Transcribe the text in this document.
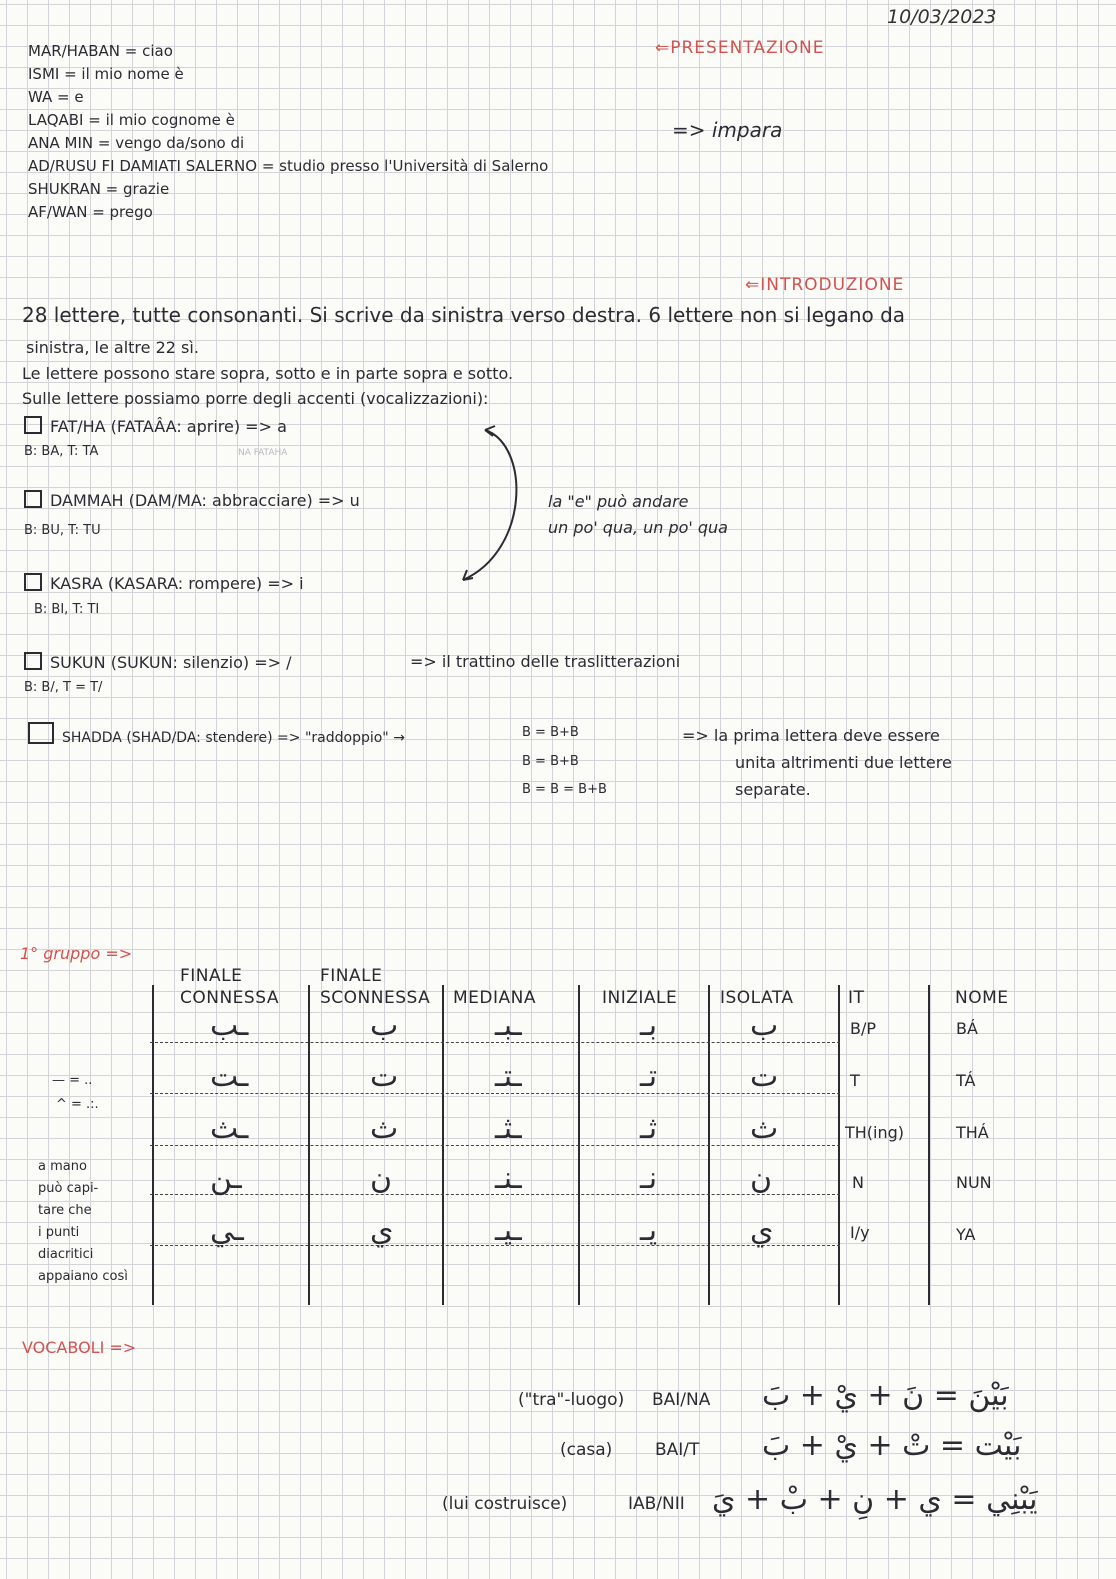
10/03/2023
⇐PRESENTAZIONE
MAR/HABAN = ciao
ISMI = il mio nome è
WA = e
LAQABI = il mio cognome è
ANA MIN = vengo da/sono di
AD/RUSU FI DAMIATI SALERNO = studio presso l'Università di Salerno
SHUKRAN = grazie
AF/WAN = prego
=> impara
⇐INTRODUZIONE
28 lettere, tutte consonanti. Si scrive da sinistra verso destra. 6 lettere non si legano da
sinistra, le altre 22 sì.
Le lettere possono stare sopra, sotto e in parte sopra e sotto.
Sulle lettere possiamo porre degli accenti (vocalizzazioni):
FAT/HA (FATAÂA: aprire) => a
B: BA, T: TA	NA FATAHA
DAMMAH (DAM/MA: abbracciare) => u
B: BU, T: TU
KASRA (KASARA: rompere) => i
B: BI, T: TI
SUKUN (SUKUN: silenzio) => /	=> il trattino delle traslitterazioni
B: B/, T = T/
SHADDA (SHAD/DA: stendere) => "raddoppio" →	B = B+B
B = B+B
B = B = B+B
=> la prima lettera deve essere
unita altrimenti due lettere
separate.
la "e" può andare
un po' qua, un po' qua
1° gruppo =>
FINALE
CONNESSA
FINALE
SCONNESSA MEDIANA	INIZIALE	ISOLATA	IT	NOME
ـب	ب	ـبـ	بـ	ب	B/P	BÁ
ـت	ت	ـتـ	تـ	ت	T	TÁ
ـث	ث	ـثـ	ثـ	ث	TH(ing)	THÁ
ـن	ن	ـنـ	نـ	ن	N	NUN
ـي	ي	ـيـ	يـ	ي	I/y	YA
— = ..
^ = .:.
a mano
può capi-
tare che
i punti
diacritici
appaiano così
VOCABOLI =>
("tra"-luogo) BAI/NA بَيْنَ = نَ + يْ + بَ
(casa)	BAI/T بَيْت = تْ + يْ + بَ
(lui costruisce)	IAB/NII يَبْنِي = ي + نِ + بْ + يَ
